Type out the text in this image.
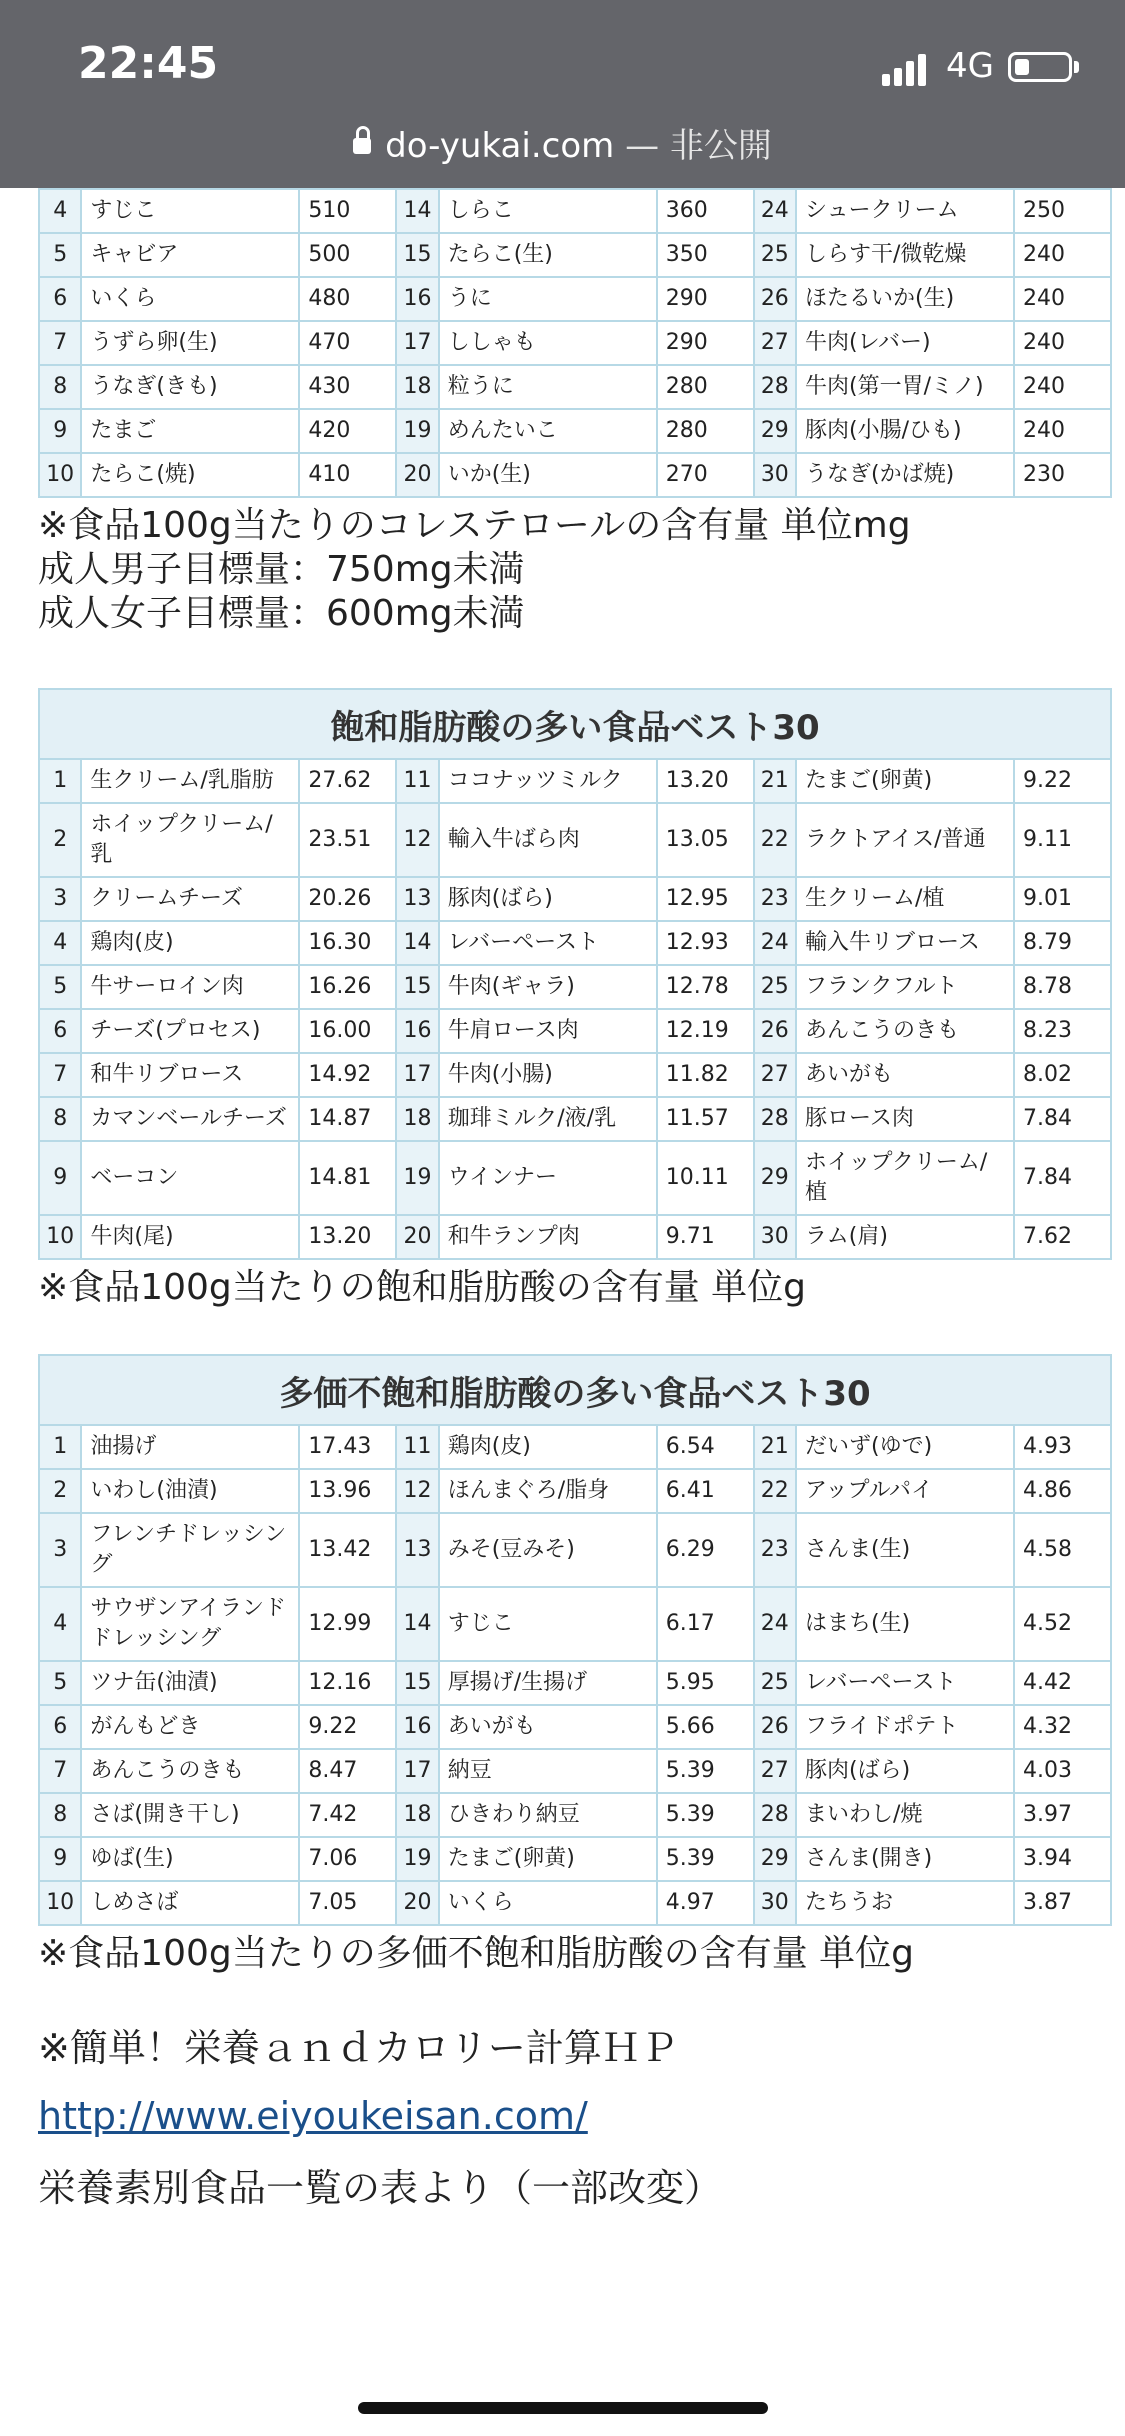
22:45	4G
do-yukai.com — 非公開
4	すじこ	510	14	しらこ	360	24	シュークリーム	250
5	キャビア	500	15	たらこ(生)	350	25	しらす干/微乾燥	240
6	いくら	480	16	うに	290	26	ほたるいか(生)	240
7	うずら卵(生)	470	17	ししゃも	290	27	牛肉(レバー)	240
8	うなぎ(きも)	430	18	粒うに	280	28	牛肉(第一胃/ミノ)	240
9	たまご	420	19	めんたいこ	280	29	豚肉(小腸/ひも)	240
10	たらこ(焼)	410	20	いか(生)	270	30	うなぎ(かば焼)	230
※食品100g当たりのコレステロールの含有量 単位mg
成人男子目標量：750mg未満
成人女子目標量：600mg未満
飽和脂肪酸の多い食品ベスト30								
1	生クリーム/乳脂肪	27.62	11	ココナッツミルク	13.20	21	たまご(卵黄)	9.22
2	ホイップクリーム/乳	23.51	12	輸入牛ばら肉	13.05	22	ラクトアイス/普通	9.11
3	クリームチーズ	20.26	13	豚肉(ばら)	12.95	23	生クリーム/植	9.01
4	鶏肉(皮)	16.30	14	レバーペースト	12.93	24	輸入牛リブロース	8.79
5	牛サーロイン肉	16.26	15	牛肉(ギャラ)	12.78	25	フランクフルト	8.78
6	チーズ(プロセス)	16.00	16	牛肩ロース肉	12.19	26	あんこうのきも	8.23
7	和牛リブロース	14.92	17	牛肉(小腸)	11.82	27	あいがも	8.02
8	カマンベールチーズ	14.87	18	珈琲ミルク/液/乳	11.57	28	豚ロース肉	7.84
9	ベーコン	14.81	19	ウインナー	10.11	29	ホイップクリーム/植	7.84
10	牛肉(尾)	13.20	20	和牛ランプ肉	9.71	30	ラム(肩)	7.62
※食品100g当たりの飽和脂肪酸の含有量 単位g
多価不飽和脂肪酸の多い食品ベスト30								
1	油揚げ	17.43	11	鶏肉(皮)	6.54	21	だいず(ゆで)	4.93
2	いわし(油漬)	13.96	12	ほんまぐろ/脂身	6.41	22	アップルパイ	4.86
3	フレンチドレッシング	13.42	13	みそ(豆みそ)	6.29	23	さんま(生)	4.58
4	サウザンアイランドドレッシング	12.99	14	すじこ	6.17	24	はまち(生)	4.52
5	ツナ缶(油漬)	12.16	15	厚揚げ/生揚げ	5.95	25	レバーペースト	4.42
6	がんもどき	9.22	16	あいがも	5.66	26	フライドポテト	4.32
7	あんこうのきも	8.47	17	納豆	5.39	27	豚肉(ばら)	4.03
8	さば(開き干し)	7.42	18	ひきわり納豆	5.39	28	まいわし/焼	3.97
9	ゆば(生)	7.06	19	たまご(卵黄)	5.39	29	さんま(開き)	3.94
10	しめさば	7.05	20	いくら	4.97	30	たちうお	3.87
※食品100g当たりの多価不飽和脂肪酸の含有量 単位g
※簡単！栄養ａｎｄカロリー計算ＨＰ
http://www.eiyoukeisan.com/
栄養素別食品一覧の表より（一部改変）
